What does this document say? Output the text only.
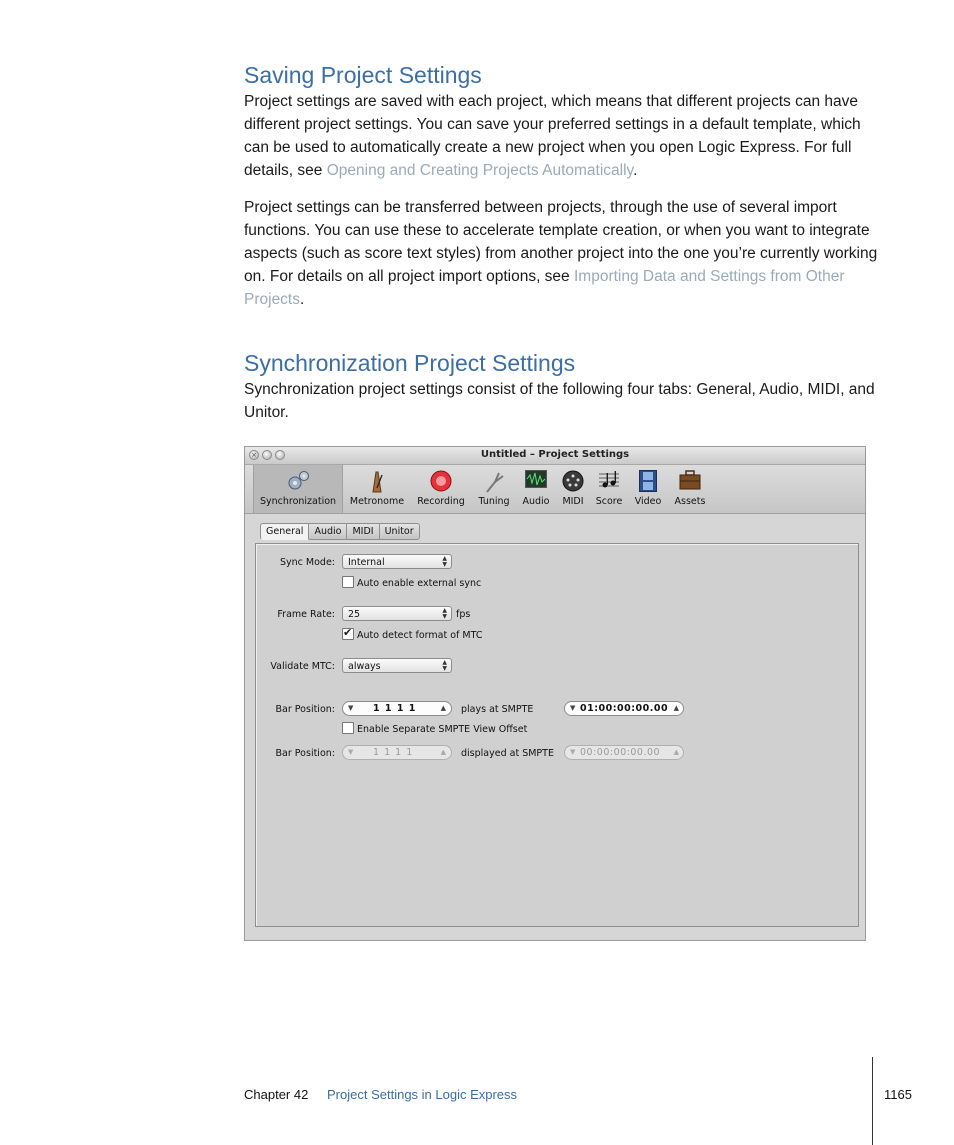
Saving Project Settings

Project settings are saved with each project, which means that different projects can have different project settings. You can save your preferred settings in a default template, which can be used to automatically create a new project when you open Logic Express. For full details, see Opening and Creating Projects Automatically.

Project settings can be transferred between projects, through the use of several import functions. You can use these to accelerate template creation, or when you want to integrate aspects (such as score text styles) from another project into the one you’re currently working on. For details on all project import options, see Importing Data and Settings from Other Projects.

Synchronization Project Settings

Synchronization project settings consist of the following four tabs: General, Audio, MIDI, and Unitor.

×	Untitled – Project Settings
Synchronization	Metronome	Recording	Tuning	Audio	MIDI	Score	Video	Assets
General	Audio	MIDI	Unitor
Sync Mode:	Internal	▲
▼
Auto enable external sync
Frame Rate:	25	▲
▼ fps
✔Auto detect format of MTC
Validate MTC:	always	▲
▼
Bar Position: ▼ 1 1 1 1	▲ plays at SMPTE	▼ 01:00:00:00.00 ▲
Enable Separate SMPTE View Offset
Bar Position: ▼ 1 1 1 1	▲ displayed at SMPTE ▼ 00:00:00:00.00 ▲
Chapter 42 Project Settings in Logic Express	1165
